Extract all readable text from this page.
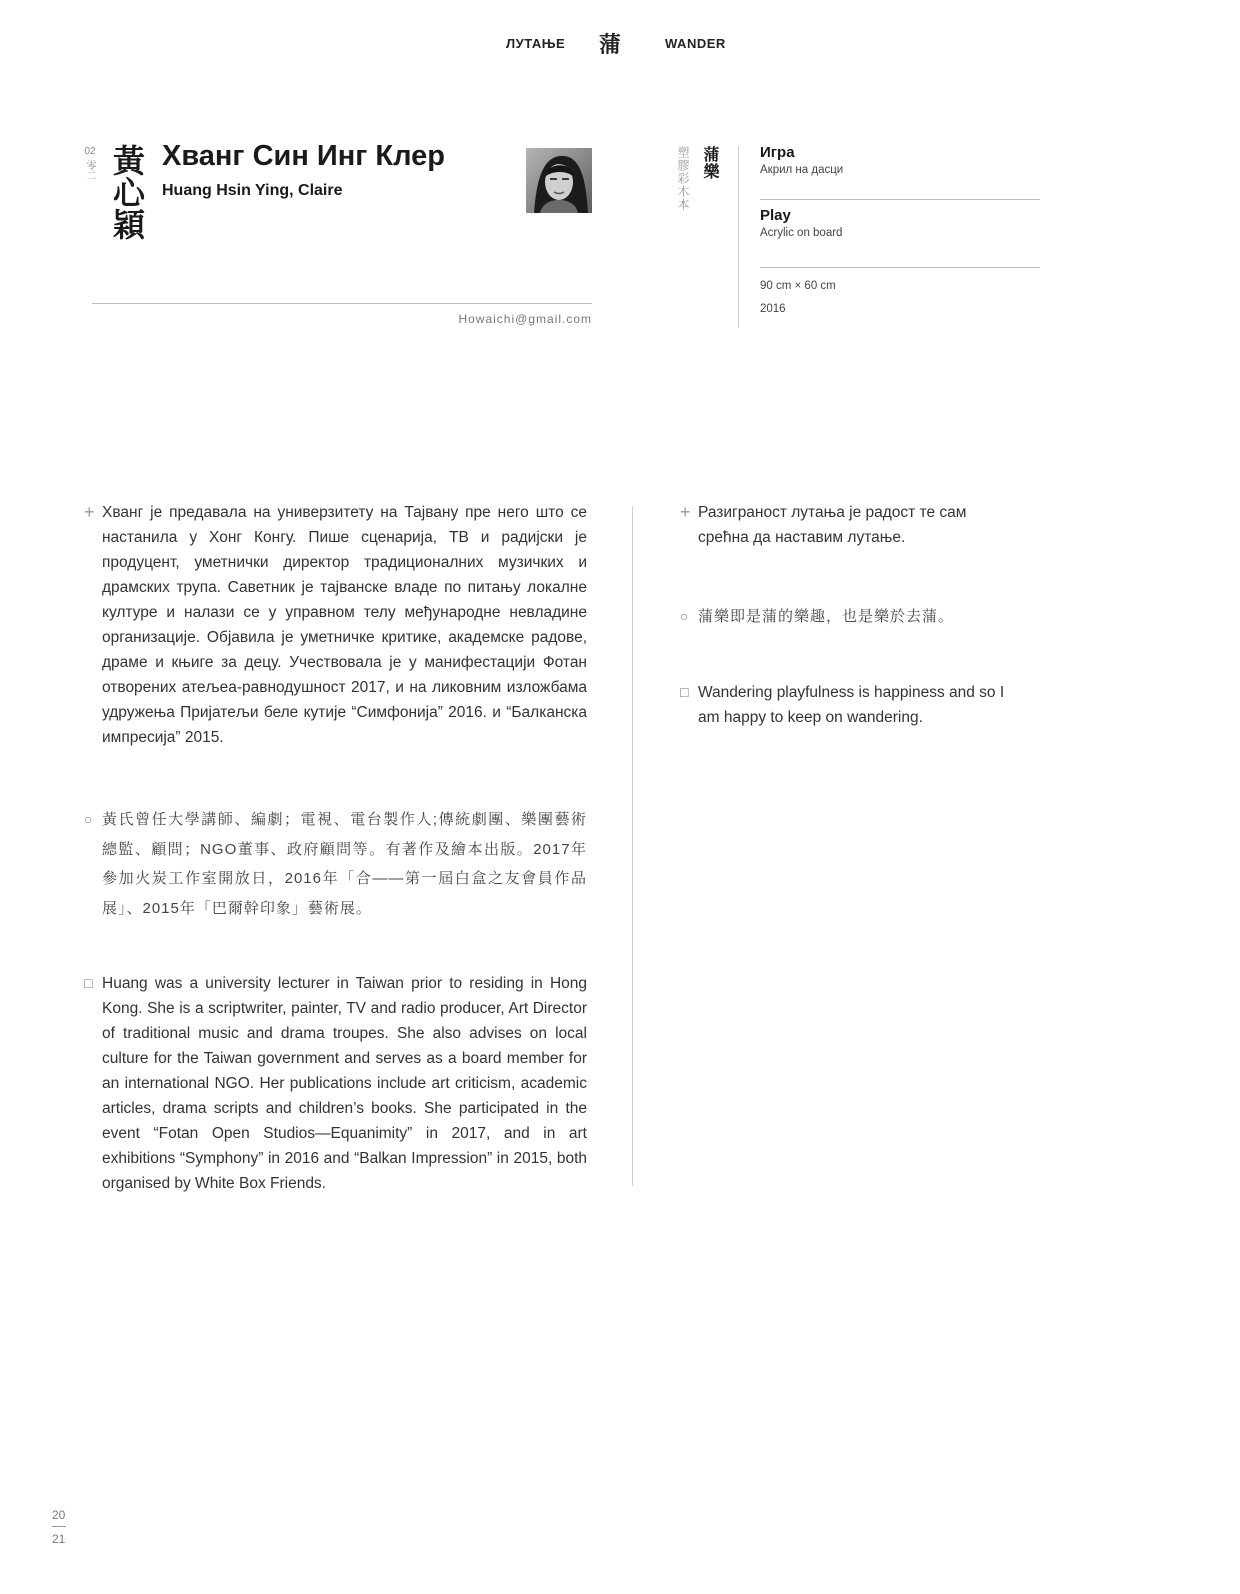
ЛУТАЊЕ 蒲	WANDER
02
零二 黃心穎 Хванг Син Инг Клер
Huang Hsin Ying, Claire
Howaichi@gmail.com
塑膠彩木本 蒲樂	Игра
Акрил на дасци
Play
Acrylic on board
90 cm × 60 cm
2016
+ Хванг је предавала на универзитету на Тајвану пре него што се настанила у Хонг Конгу. Пише сценарија, ТВ и радијски је продуцент, уметнички директор традиционалних музичких и драмских трупа. Саветник је тајванске владе по питању локалне културе и налази се у управном телу међународне невладине организације. Објавила је уметничке критике, академске радове, драме и књиге за децу. Учествовала је у манифестацији Фотан отворених атељеа-равнодушност 2017, и на ликовним изложбама удружења Пријатељи беле кутије “Симфонија” 2016. и “Балканска импресија” 2015.
○ 黃氏曾任大學講師、編劇；電視、電台製作人;傳統劇團、樂團藝術總監、顧問；NGO董事、政府顧問等。有著作及繪本出版。2017年參加火炭工作室開放日，2016年「合——第一屆白盒之友會員作品展」、2015年「巴爾幹印象」藝術展。
□ Huang was a university lecturer in Taiwan prior to residing in Hong Kong. She is a scriptwriter, painter, TV and radio producer, Art Director of traditional music and drama troupes. She also advises on local culture for the Taiwan government and serves as a board member for an international NGO. Her publications include art criticism, academic articles, drama scripts and children’s books. She participated in the event “Fotan Open Studios—Equanimity” in 2017, and in art exhibitions “Symphony” in 2016 and “Balkan Impression” in 2015, both organised by White Box Friends.
+ Разиграност лутања је радост те сам срећна да наставим лутање.
○ 蒲樂即是蒲的樂趣，也是樂於去蒲。
□ Wandering playfulness is happiness and so I am happy to keep on wandering.
20
21
